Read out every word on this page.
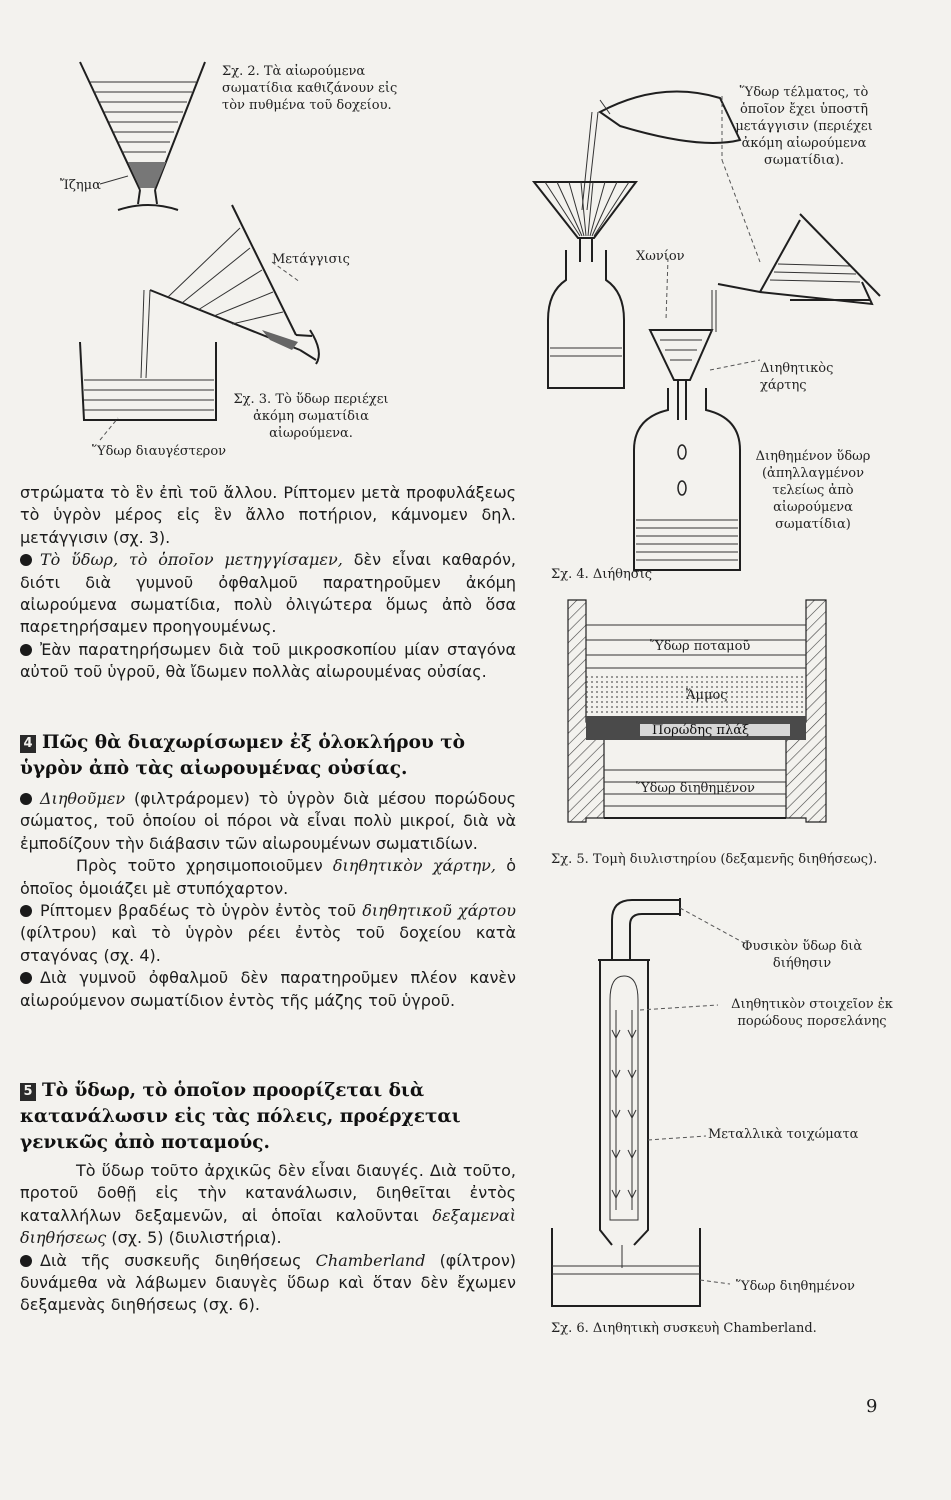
Σχ. 2. Τὰ αἰωρούμενα σωματίδια καθιζάνουν εἰς τὸν πυθμένα τοῦ δοχείου.
Ἴζημα
Μετάγγισις
Σχ. 3. Τὸ ὕδωρ περιέχει ἀκόμη σωματίδια αἰωρούμενα.
Ὕδωρ διαυγέστερον
Ὕδωρ τέλματος, τὸ ὁποῖον ἔχει ὑποστῆ μετάγγισιν (περιέχει ἀκόμη αἰωρούμενα σωματίδια).
Χωνίον
Διηθητικὸς χάρτης
Διηθημένον ὕδωρ (ἀπηλλαγμένον τελείως ἀπὸ αἰωρούμενα σωματίδια)
Σχ. 4. Διήθησις
Ὕδωρ ποταμοῦ
Ἄμμος
Πορώδης πλάξ
Ὕδωρ διηθημένον
Σχ. 5. Τομὴ διυλιστηρίου (δεξαμενῆς διηθήσεως).
Φυσικὸν ὕδωρ διὰ διήθησιν
Διηθητικὸν στοιχεῖον ἐκ πορώδους πορσελάνης
Μεταλλικὰ τοιχώματα
Ὕδωρ διηθημένον
Σχ. 6. Διηθητικὴ συσκευὴ Chamberland.

στρώματα τὸ ἓν ἐπὶ τοῦ ἄλλου. Ρίπτομεν μετὰ προφυλάξεως τὸ ὑγρὸν μέρος εἰς ἓν ἄλλο ποτήριον, κάμνομεν δηλ. μετάγγισιν (σχ. 3).

Τὸ ὕδωρ, τὸ ὁποῖον μετηγγίσαμεν, δὲν εἶναι καθαρόν, διότι διὰ γυμνοῦ ὀφθαλμοῦ παρατηροῦμεν ἀκόμη αἰωρούμενα σωματίδια, πολὺ ὀλιγώτερα ὅμως ἀπὸ ὅσα παρετηρήσαμεν προηγουμένως.

Ἐὰν παρατηρήσωμεν διὰ τοῦ μικροσκοπίου μίαν σταγόνα αὐτοῦ τοῦ ὑγροῦ, θὰ ἴδωμεν πολλὰς αἰωρουμένας οὐσίας.

4 Πῶς θὰ διαχωρίσωμεν ἐξ ὁλοκλήρου τὸ ὑγρὸν ἀπὸ τὰς αἰωρουμένας οὐσίας.

Διηθοῦμεν (φιλτράρομεν) τὸ ὑγρὸν διὰ μέσου πορώδους σώματος, τοῦ ὁποίου οἱ πόροι νὰ εἶναι πολὺ μικροί, διὰ νὰ ἐμποδίζουν τὴν διάβασιν τῶν αἰωρουμένων σωματιδίων.

Πρὸς τοῦτο χρησιμοποιοῦμεν διηθητικὸν χάρτην, ὁ ὁποῖος ὁμοιάζει μὲ στυπόχαρτον.

Ρίπτομεν βραδέως τὸ ὑγρὸν ἐντὸς τοῦ διηθητικοῦ χάρτου (φίλτρου) καὶ τὸ ὑγρὸν ρέει ἐντὸς τοῦ δοχείου κατὰ σταγόνας (σχ. 4).

Διὰ γυμνοῦ ὀφθαλμοῦ δὲν παρατηροῦμεν πλέον κανὲν αἰωρούμενον σωματίδιον ἐντὸς τῆς μάζης τοῦ ὑγροῦ.

5 Τὸ ὕδωρ, τὸ ὁποῖον προορίζεται διὰ κατανάλωσιν εἰς τὰς πόλεις, προέρχεται γενικῶς ἀπὸ ποταμούς.

Τὸ ὕδωρ τοῦτο ἀρχικῶς δὲν εἶναι διαυγές. Διὰ τοῦτο, προτοῦ δοθῇ εἰς τὴν κατανάλωσιν, διηθεῖται ἐντὸς καταλλήλων δεξαμενῶν, αἱ ὁποῖαι καλοῦνται δεξαμεναὶ διηθήσεως (σχ. 5) (διυλιστήρια).

Διὰ τῆς συσκευῆς διηθήσεως Chamberland (φίλτρον) δυνάμεθα νὰ λάβωμεν διαυγὲς ὕδωρ καὶ ὅταν δὲν ἔχωμεν δεξαμενὰς διηθήσεως (σχ. 6).

9
